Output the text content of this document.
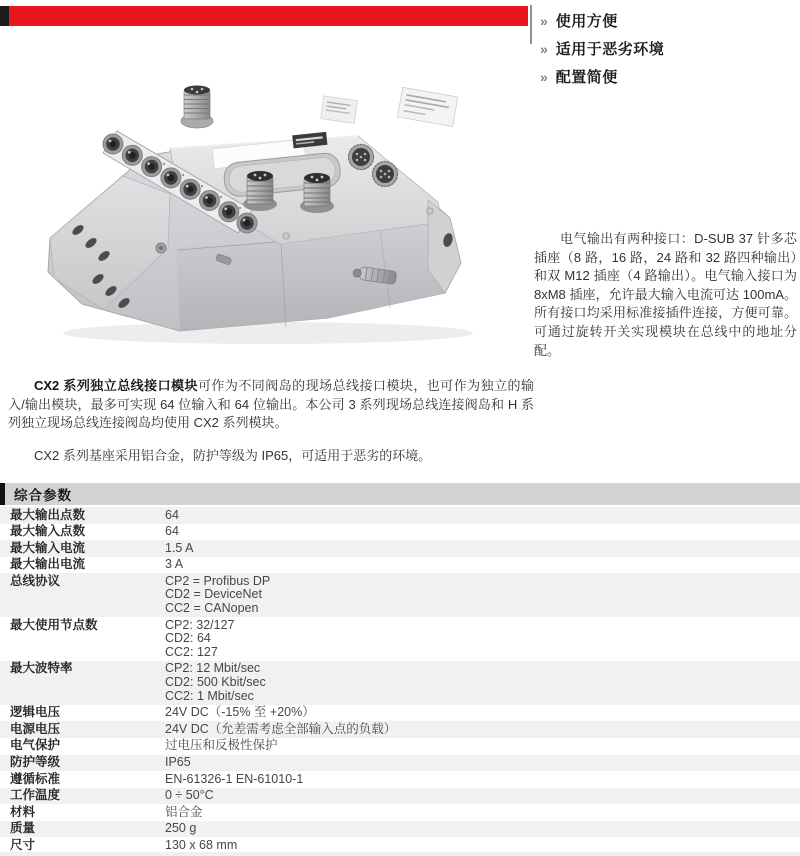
» 使用方便
» 适用于恶劣环境
» 配置简便
电气输出有两种接口：D-SUB 37 针多芯插座（8 路，16 路，24 路和 32 路四种输出）和双 M12 插座（4 路输出）。电气输入接口为 8xM8 插座，允许最大输入电流可达 100mA。所有接口均采用标准接插件连接，方便可靠。可通过旋转开关实现模块在总线中的地址分配。

CX2 系列独立总线接口模块可作为不同阀岛的现场总线接口模块，也可作为独立的输入/输出模块，最多可实现 64 位输入和 64 位输出。本公司 3 系列现场总线连接阀岛和 H 系列独立现场总线连接阀岛均使用 CX2 系列模块。

CX2 系列基座采用铝合金，防护等级为 IP65，可适用于恶劣的环境。

综合参数
最大输出点数	64
最大输入点数	64
最大输入电流	1.5 A
最大输出电流	3 A
总线协议	CP2 = Profibus DP
CD2 = DeviceNet
CC2 = CANopen
最大使用节点数	CP2: 32/127
CD2: 64
CC2: 127
最大波特率	CP2: 12 Mbit/sec
CD2: 500 Kbit/sec
CC2: 1 Mbit/sec
逻辑电压	24V DC（-15% 至 +20%）
电源电压	24V DC（允差需考虑全部输入点的负载）
电气保护	过电压和反极性保护
防护等级	IP65
遵循标准	EN-61326-1 EN-61010-1
工作温度	0 ÷ 50°C
材料	铝合金
质量	250 g
尺寸	130 x 68 mm
